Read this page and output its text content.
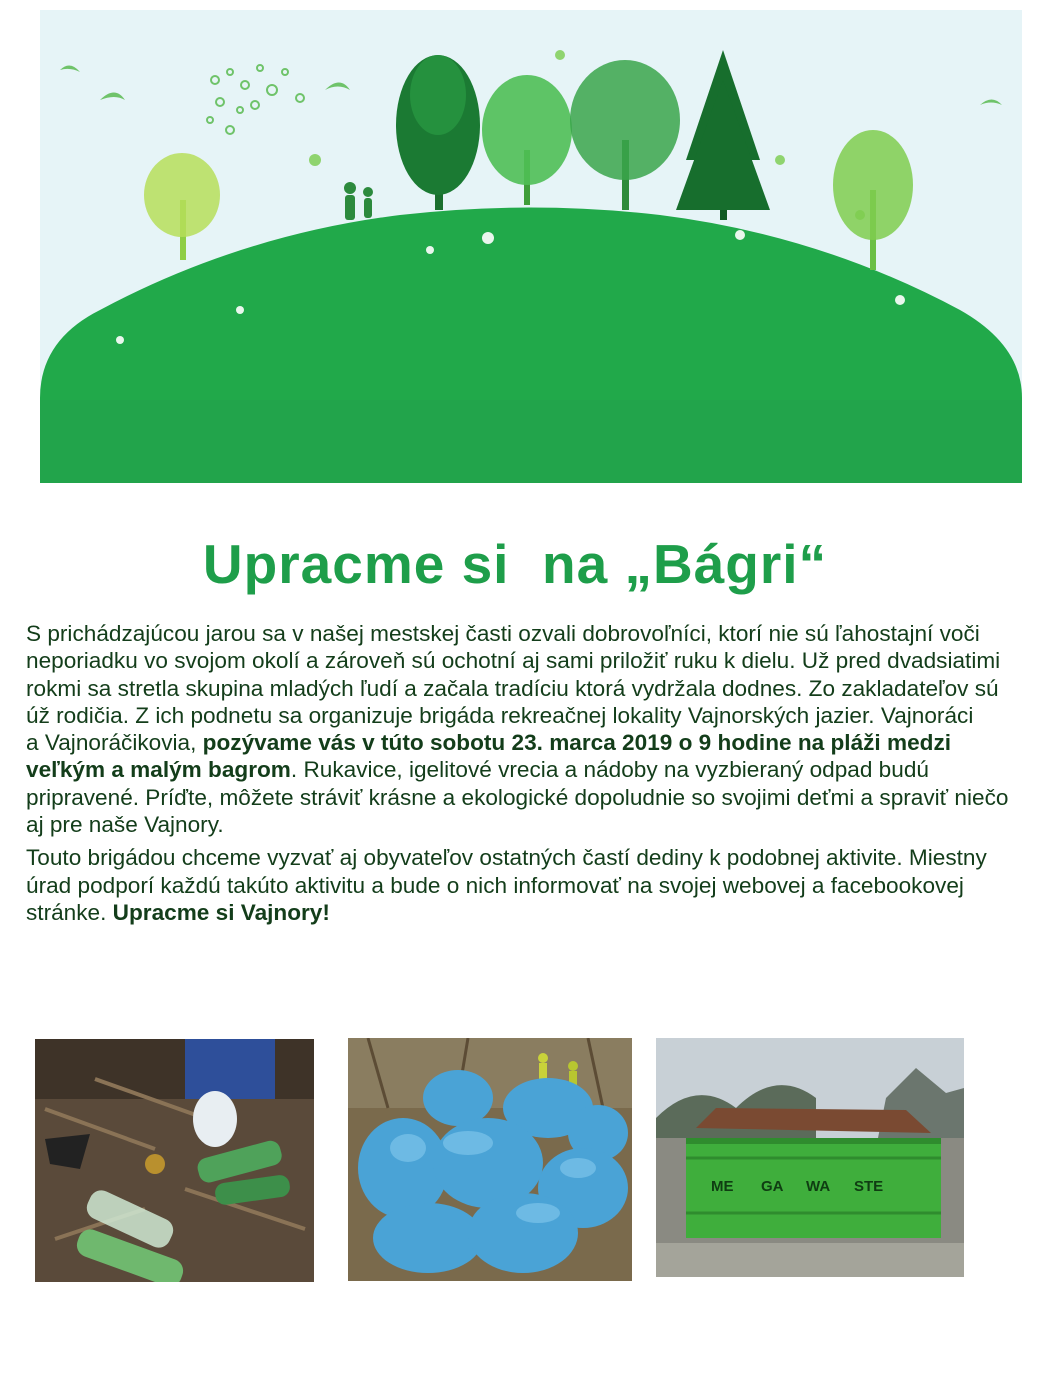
Upracme si  na „Bágri“

S prichádzajúcou jarou sa v našej mestskej časti ozvali dobrovoľníci, ktorí nie sú ľahostajní voči neporiadku vo svojom okolí a zároveň sú ochotní aj sami priložiť ruku k dielu. Už pred dvadsiatimi rokmi sa stretla skupina mladých ľudí a začala tradíciu ktorá vydržala dodnes. Zo zakladateľov sú úž rodičia. Z ich podnetu sa organizuje brigáda rekreačnej lokality Vajnorských jazier. Vajnoráci a Vajnoráčikovia, pozývame vás v túto sobotu 23. marca 2019 o 9 hodine na pláži medzi veľkým a malým bagrom. Rukavice, igelitové vrecia a nádoby na vyzbieraný odpad budú pripravené. Príďte, môžete stráviť krásne a ekologické dopoludnie so svojimi deťmi a spraviť niečo aj pre naše Vajnory.

Touto brigádou chceme vyzvať aj obyvateľov ostatných častí dediny k podobnej aktivite. Miestny úrad podporí každú takúto aktivitu a bude o nich informovať na svojej webovej a facebookovej stránke. Upracme si Vajnory!

ME GA WA STE
